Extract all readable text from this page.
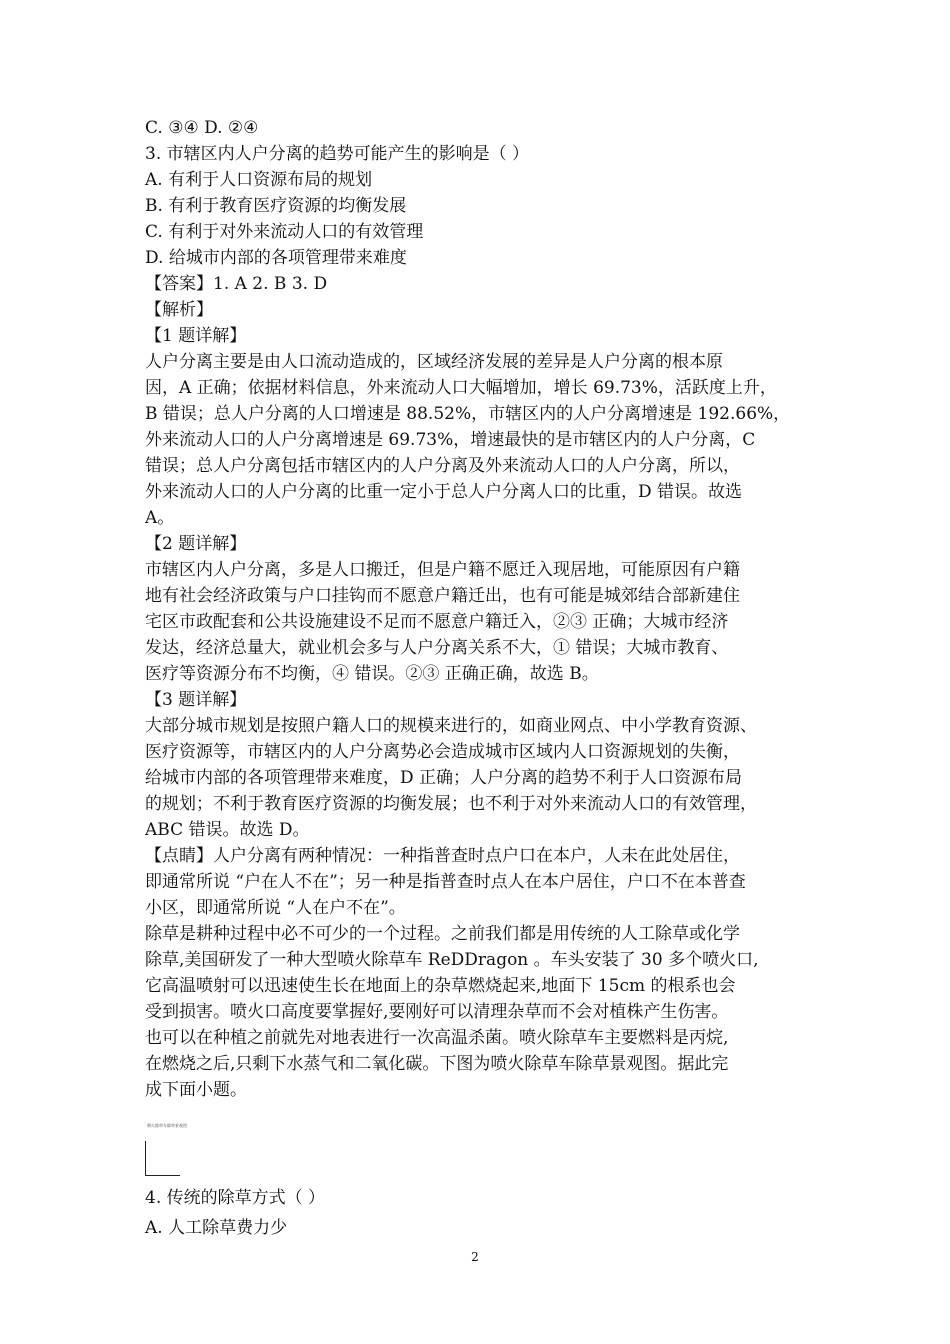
C. ③④ D. ②④
3. 市辖区内人户分离的趋势可能产生的影响是（ ）
A. 有利于人口资源布局的规划
B. 有利于教育医疗资源的均衡发展
C. 有利于对外来流动人口的有效管理
D. 给城市内部的各项管理带来难度
【答案】1. A 2. B 3. D
【解析】
【1 题详解】
人户分离主要是由人口流动造成的，区域经济发展的差异是人户分离的根本原
因，A 正确；依据材料信息，外来流动人口大幅增加，增长 69.73%，活跃度上升，
B 错误；总人户分离的人口增速是 88.52%，市辖区内的人户分离增速是 192.66%，
外来流动人口的人户分离增速是 69.73%，增速最快的是市辖区内的人户分离，C
错误；总人户分离包括市辖区内的人户分离及外来流动人口的人户分离，所以，
外来流动人口的人户分离的比重一定小于总人户分离人口的比重，D 错误。故选
A。
【2 题详解】
市辖区内人户分离，多是人口搬迁，但是户籍不愿迁入现居地，可能原因有户籍
地有社会经济政策与户口挂钩而不愿意户籍迁出，也有可能是城郊结合部新建住
宅区市政配套和公共设施建设不足而不愿意户籍迁入，②③ 正确；大城市经济
发达，经济总量大，就业机会多与人户分离关系不大，① 错误；大城市教育、
医疗等资源分布不均衡，④ 错误。②③ 正确正确，故选 B。
【3 题详解】
大部分城市规划是按照户籍人口的规模来进行的，如商业网点、中小学教育资源、
医疗资源等，市辖区内的人户分离势必会造成城市区域内人口资源规划的失衡，
给城市内部的各项管理带来难度，D 正确；人户分离的趋势不利于人口资源布局
的规划；不利于教育医疗资源的均衡发展；也不利于对外来流动人口的有效管理，
ABC 错误。故选 D。
【点睛】人户分离有两种情况：一种指普查时点户口在本户，人未在此处居住，
即通常所说 “户在人不在”；另一种是指普查时点人在本户居住，户口不在本普查
小区，即通常所说 “人在户不在”。
除草是耕种过程中必不可少的一个过程。之前我们都是用传统的人工除草或化学
除草,美国研发了一种大型喷火除草车 ReDDragon 。车头安装了 30 多个喷火口,
它高温喷射可以迅速使生长在地面上的杂草燃烧起来,地面下 15cm 的根系也会
受到损害。喷火口高度要掌握好,要刚好可以清理杂草而不会对植株产生伤害。
也可以在种植之前就先对地表进行一次高温杀菌。喷火除草车主要燃料是丙烷,
在燃烧之后,只剩下水蒸气和二氧化碳。下图为喷火除草车除草景观图。据此完
成下面小题。
喷火除草车除草景观图
4. 传统的除草方式（ ）
A. 人工除草费力少
2
